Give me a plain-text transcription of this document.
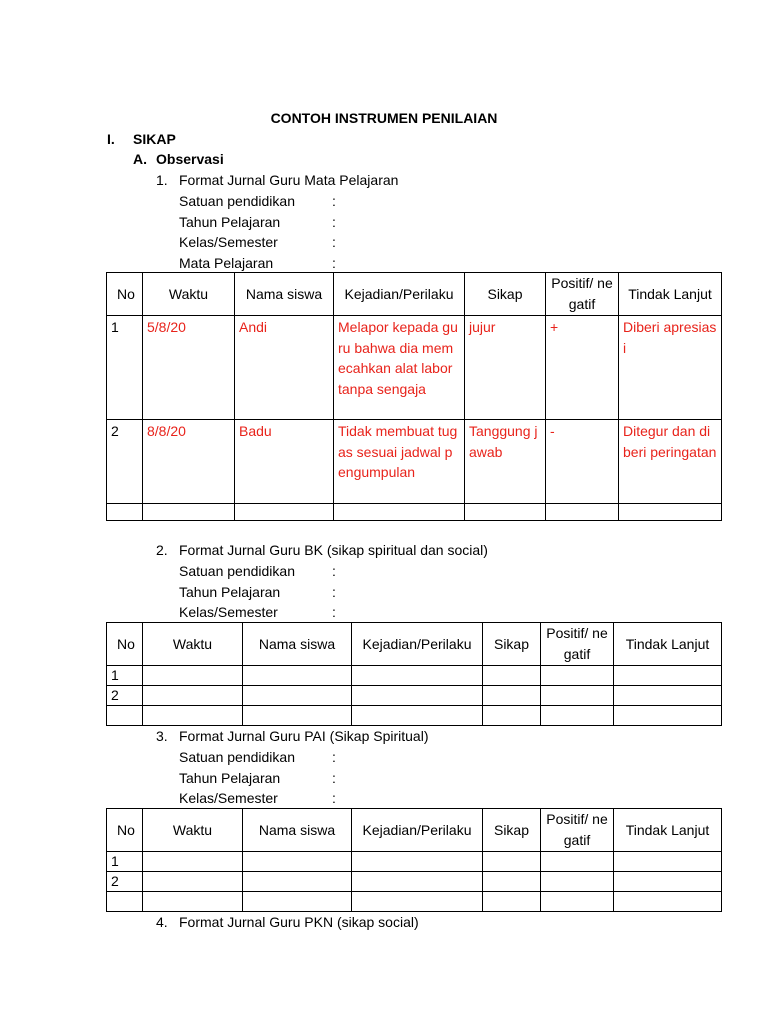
CONTOH INSTRUMEN PENILAIAN
I. SIKAP
A. Observasi
1. Format Jurnal Guru Mata Pelajaran
Satuan pendidikan	:
Tahun Pelajaran	:
Kelas/Semester	:
Mata Pelajaran	:
No	Waktu	Nama siswa	Kejadian/Perilaku	Sikap	Positif/ negatif	Tindak Lanjut
1	5/8/20	Andi	Melapor kepada guru bahwa dia memecahkan alat labor tanpa sengaja	jujur	+	Diberi apresiasi
2	8/8/20	Badu	Tidak membuat tugas sesuai jadwal pengumpulan	Tanggung jawab	-	Ditegur dan diberi peringatan

2. Format Jurnal Guru BK (sikap spiritual dan social)
Satuan pendidikan	:
Tahun Pelajaran	:
Kelas/Semester	:
No	Waktu	Nama siswa	Kejadian/Perilaku	Sikap	Positif/ negatif	Tindak Lanjut
1						
2						

3. Format Jurnal Guru PAI (Sikap Spiritual)
Satuan pendidikan	:
Tahun Pelajaran	:
Kelas/Semester	:
No	Waktu	Nama siswa	Kejadian/Perilaku	Sikap	Positif/ negatif	Tindak Lanjut
1						
2						

4. Format Jurnal Guru PKN (sikap social)
